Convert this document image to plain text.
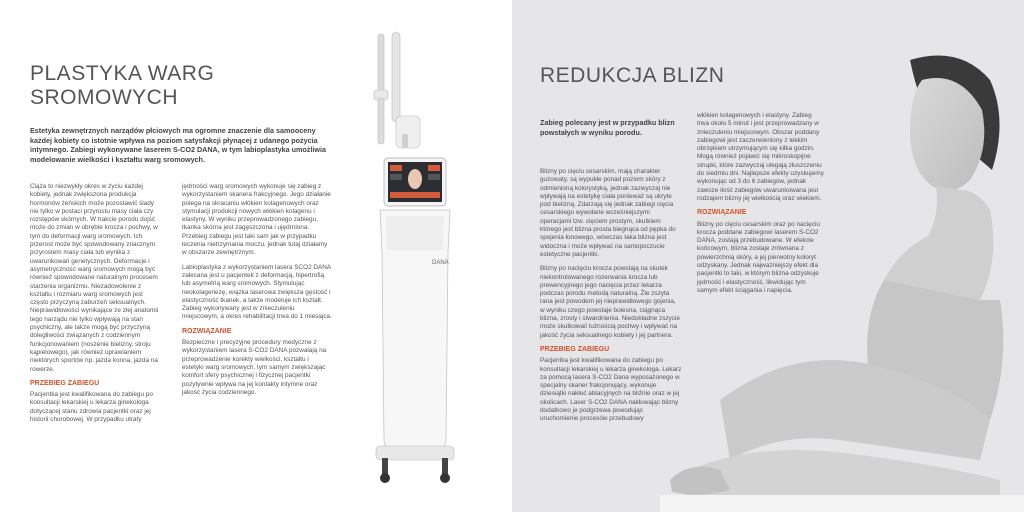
PLASTYKA WARG
SROMOWYCH
Estetyka zewnętrznych narządów płciowych ma ogromne znaczenie dla samooceny każdej kobiety co istotnie wpływa na poziom satysfakcji płynącej z udanego pożycia intymnego. Zabiegi wykonywane laserem S-CO2 DANA, w tym labioplastyka umożliwia modelowanie wielkości i kształtu warg sromowych.

Ciąża to niezwykły okres w życiu każdej kobiety, jednak zwiększona produkcja hormonów żeńskich może pozostawić ślady nie tylko w postaci przyrostu masy ciała czy rozstępów skórnych. W trakcie porodu dojść może do zmian w obrębie krocza i pochwy, w tym do deformacji warg sromowych. Ich przerost może być spowodowany znacznym przyrostem masy ciała lub wynika z uwarunkowań genetycznych. Deformacje i asymetryczność warg sromowych mogą być również spowodowane naturalnym procesem starzenia organizmu. Niezadowolenie z kształtu i rozmiaru warg sromowych jest często przyczyną zaburzeń seksualnych. Nieprawidłowości wynikające ze złej anatomii tego narządu nie tylko wpływają na stan psychiczny, ale także mogą być przyczyną dolegliwości związanych z codziennym funkcjonowaniem (noszenie bielizny, stroju kąpielowego), jak również uprawianiem niektórych sportów np. jazda konna, jazda na rowerze.

PRZEBIEG ZABIEGU

Pacjentka jest kwalifikowana do zabiegu po konsultacji lekarskiej u lekarza ginekologa dotyczącej stanu zdrowia pacjentki oraz jej historii chorobowej. W przypadku utraty

jędrności warg sromowych wykonuje się zabieg z wykorzystaniem skanera frakcyjnego. Jego działanie polega na skracaniu włókien kolagenowych oraz stymulacji produkcji nowych włókien kolagenu i elastyny. W wyniku przeprowadzonego zabiegu, tkanka skórna jest zagęszczona i ujędrniona. Przebieg zabiegu jest taki sam jak w przypadku leczenia nietrzymania moczu, jednak tutaj działamy w obszarze zewnętrznym.

Labioplastyka z wykorzystaniem lasera SCO2 DANA zalecana jest u pacjentek z deformacją, hipertrofią lub asymetrią warg sromowych. Stymulując neokolagenezę, wiązka laserowa zwiększa gęstość i elastyczność tkanek, a także modeluje ich kształt. Zabieg wykonywany jest w znieczuleniu miejscowym, a okres rehabilitacji trwa do 1 miesiąca.

ROZWIĄZANIE

Bezpieczne i precyzyjne procedury medyczne z wykorzystaniem lasera S-CO2 DANA pozwalają na przeprowadzenie korekty wielkości, kształtu i estetyki warg sromowych, tym samym zwiększając komfort sfery psychicznej i fizycznej pacjentki pozytywnie wpływa na jej kontakty intymne oraz jakość życia codziennego.

DANA
REDUKCJA BLIZN
Zabieg polecany jest w przypadku blizn powstałych w wyniku porodu.

Blizny po cięciu cesarskim, mają charakter guzowaty, są wypukłe ponad poziom skóry z odmienioną kolorystyką, jednak zazwyczaj nie wpływają na estetykę ciała ponieważ są ukryte pod bielizną. Zdarzają się jednak zabiegi cięcia cesarskiego wywołane wcześniejszymi operacjami tzw. cięciem prostym, skutkiem którego jest blizna prosta biegnąca od pępka do spojenia łonowego, wówczas taka blizna jest widoczna i może wpływać na samopoczucie estetyczne pacjentki.

Blizny po nacięciu krocza powstają na skutek niekontrolowanego rozerwania krocza lub prewencyjnego jego nacięcia przez lekarza podczas porodu metodą naturalną. Źle zszyta rana jest powodem jej nieprawidłowego gojenia, w wyniku czego powstaje bolesna, ciągnąca blizna, zrosty i stwardnienia. Niedokładne zszycie może skutkować luźnością pochwy i wpływać na jakość życia seksualnego kobiety i jej partnera.

PRZEBIEG ZABIEGU

Pacjentka jest kwalifikowana do zabiegu po konsultacji lekarskiej u lekarza ginekologa. Lekarz za pomocą lasera S-CO2 Dana wyposażonego w specjalny skaner frakcjonujący, wykonuje dziesiątki nakłuć ablacyjnych na bliźnie oraz w jej okolicach. Laser S-CO2 DANA nakłuwając blizny dodatkowo je podgrzewa powodując uruchomienie procesów przebudowy

włókien kolagenowych i elastyny. Zabieg trwa około 5 minut i jest przeprowadzany w znieczuleniu miejscowym. Obszar poddany zabiegowi jest zaczerwieniony z lekkim obrzękiem utrzymującym się kilka godzin. Mogą również pojawić się mikroskopijne strupki, które zazwyczaj ulegają złuszczeniu do siedmiu dni. Najlepsze efekty uzyskujemy wykonując od 3 do 6 zabiegów, jednak zawsze ilość zabiegów uwarunkowana jest rodzajem blizny jej wielkością oraz wiekiem.

ROZWIĄZANIE

Blizny po cięciu cesarskim oraz po nacięciu krocza poddane zabiegowi laserem S-CO2 DANA, zostają przebudowane. W efekcie końcowym, blizna zostaje zrównana z powierzchnią skóry, a jej pierwotny koloryt odzyskany. Jednak najważniejszy efekt dla pacjentki to taki, w którym blizna odzyskuje jędrność i elastyczność, likwidując tym samym efekt ściągania i napięcia.
